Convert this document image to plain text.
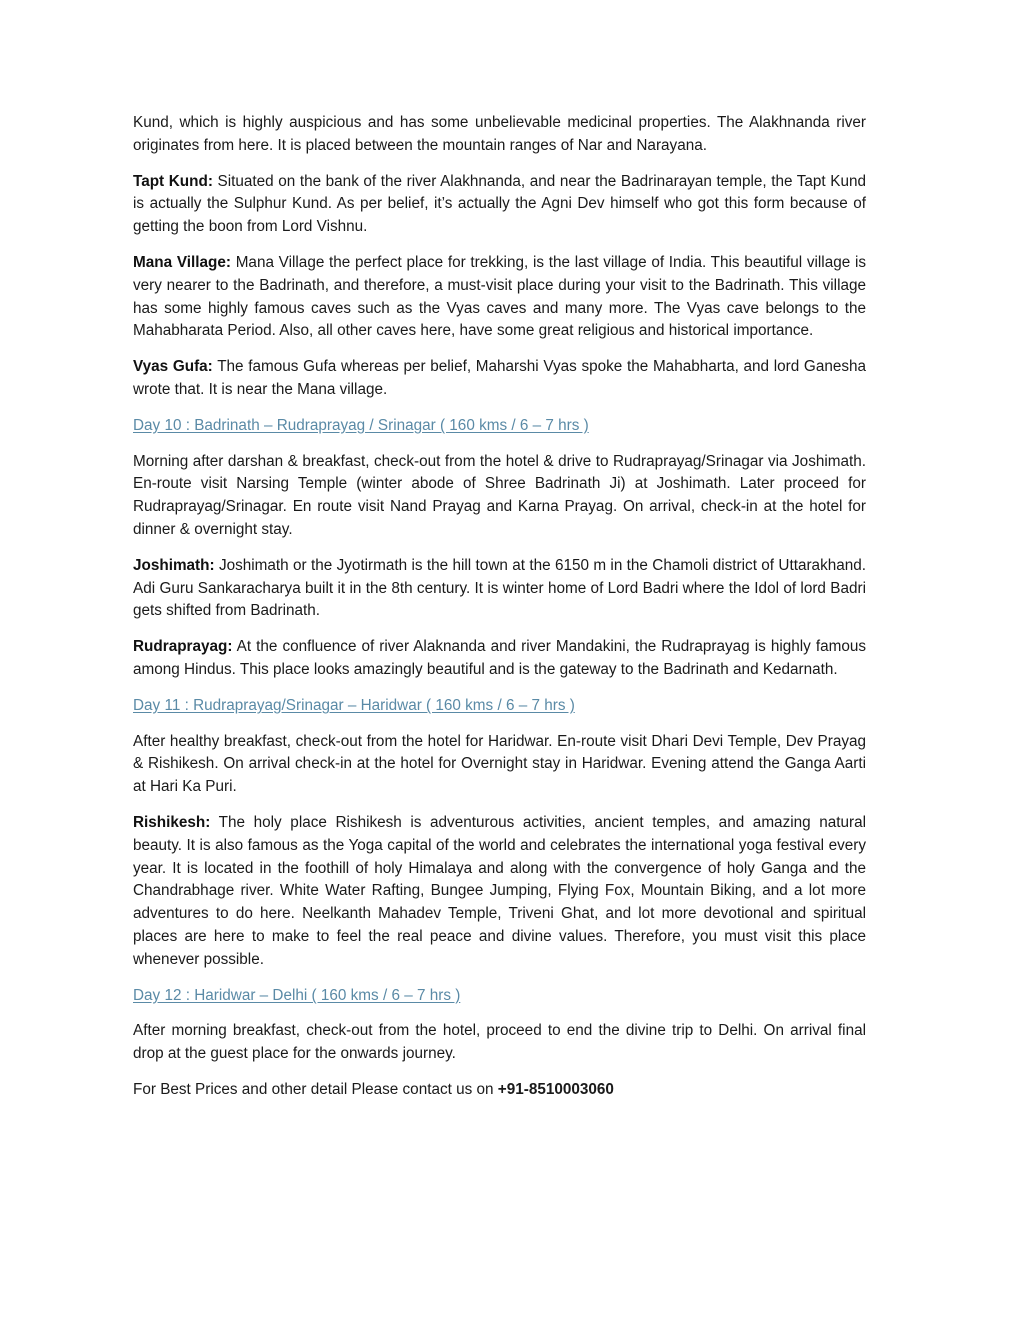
Kund, which is highly auspicious and has some unbelievable medicinal properties. The Alakhnanda river originates from here. It is placed between the mountain ranges of Nar and Narayana.

Tapt Kund: Situated on the bank of the river Alakhnanda, and near the Badrinarayan temple, the Tapt Kund is actually the Sulphur Kund. As per belief, it’s actually the Agni Dev himself who got this form because of getting the boon from Lord Vishnu.

Mana Village: Mana Village the perfect place for trekking, is the last village of India. This beautiful village is very nearer to the Badrinath, and therefore, a must-visit place during your visit to the Badrinath. This village has some highly famous caves such as the Vyas caves and many more. The Vyas cave belongs to the Mahabharata Period. Also, all other caves here, have some great religious and historical importance.

Vyas Gufa: The famous Gufa whereas per belief, Maharshi Vyas spoke the Mahabharta, and lord Ganesha wrote that. It is near the Mana village.

Day 10 : Badrinath – Rudraprayag / Srinagar ( 160 kms / 6 – 7 hrs )

Morning after darshan & breakfast, check-out from the hotel & drive to Rudraprayag/Srinagar via Joshimath. En-route visit Narsing Temple (winter abode of Shree Badrinath Ji) at Joshimath. Later proceed for Rudraprayag/Srinagar. En route visit Nand Prayag and Karna Prayag. On arrival, check-in at the hotel for dinner & overnight stay.

Joshimath: Joshimath or the Jyotirmath is the hill town at the 6150 m in the Chamoli district of Uttarakhand. Adi Guru Sankaracharya built it in the 8th century. It is winter home of Lord Badri where the Idol of lord Badri gets shifted from Badrinath.

Rudraprayag: At the confluence of river Alaknanda and river Mandakini, the Rudraprayag is highly famous among Hindus. This place looks amazingly beautiful and is the gateway to the Badrinath and Kedarnath.

Day 11 : Rudraprayag/Srinagar – Haridwar ( 160 kms / 6 – 7 hrs )

After healthy breakfast, check-out from the hotel for Haridwar. En-route visit Dhari Devi Temple, Dev Prayag & Rishikesh. On arrival check-in at the hotel for Overnight stay in Haridwar. Evening attend the Ganga Aarti at Hari Ka Puri.

Rishikesh: The holy place Rishikesh is adventurous activities, ancient temples, and amazing natural beauty. It is also famous as the Yoga capital of the world and celebrates the international yoga festival every year. It is located in the foothill of holy Himalaya and along with the convergence of holy Ganga and the Chandrabhage river. White Water Rafting, Bungee Jumping, Flying Fox, Mountain Biking, and a lot more adventures to do here. Neelkanth Mahadev Temple, Triveni Ghat, and lot more devotional and spiritual places are here to make to feel the real peace and divine values. Therefore, you must visit this place whenever possible.

Day 12 : Haridwar – Delhi ( 160 kms / 6 – 7 hrs )

After morning breakfast, check-out from the hotel, proceed to end the divine trip to Delhi. On arrival final drop at the guest place for the onwards journey.

For Best Prices and other detail Please contact us on +91-8510003060
